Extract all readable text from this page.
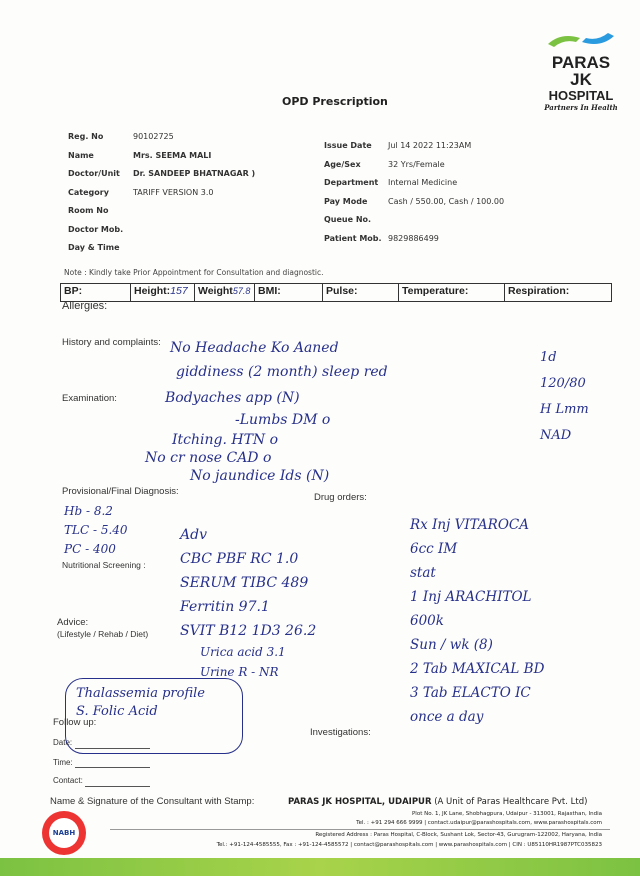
PARAS
JK
HOSPITAL
Partners In Health
OPD Prescription
Note : Kindly take Prior Appointment for Consultation and diagnostic.
BP:	Height:157 Weight57.8 BMI:	Pulse:	Temperature:	Respiration:
Allergies:
History and complaints:
Examination:
Provisional/Final Diagnosis:
Drug orders:
Nutritional Screening :
Advice:
(Lifestyle / Rehab / Diet)
Follow up:
Date:
Time:
Contact:
Investigations:
Name & Signature of the Consultant with Stamp:
No Headache Ko Aaned
giddiness (2 month) sleep red
Bodyaches app (N)
-Lumbs DM o
Itching. HTN o
No cr nose CAD o
No jaundice Ids (N)
1d 120/80 H Lmm NAD
Hb - 8.2
TLC - 5.40
PC - 400
Adv
CBC PBF RC 1.0
SERUM TIBC 489
Ferritin 97.1
SVIT B12 1D3 26.2
Urica acid 3.1
Urine R - NR
Thalassemia profile
S. Folic Acid
Rx Inj VITAROCA
6cc IM
stat
1 Inj ARACHITOL
600k
Sun / wk (8)
2 Tab MAXICAL BD
3 Tab ELACTO IC
once a day
NABH
PARAS JK HOSPITAL, UDAIPUR (A Unit of Paras Healthcare Pvt. Ltd)
Plot No. 1, JK Lane, Shobhagpura, Udaipur - 313001, Rajasthan, India
Tel. : +91 294 666 9999 | contact.udaipur@parashospitals.com, www.parashospitals.com
Registered Address : Paras Hospital, C-Block, Sushant Lok, Sector-43, Gurugram-122002, Haryana, India
Tel.: +91-124-4585555, Fax : +91-124-4585572 | contact@parashospitals.com | www.parashospitals.com | CIN : U85110HR1987PTC035823
Reg. No	90102725
Name	Mrs. SEEMA MALI
Doctor/Unit Dr. SANDEEP BHATNAGAR )
Category	TARIFF VERSION 3.0
Room No
Doctor Mob.
Day & Time
Issue Date Jul 14 2022 11:23AM
Age/Sex	32 Yrs/Female
Department Internal Medicine
Pay Mode	Cash / 550.00, Cash / 100.00
Queue No.
Patient Mob. 9829886499
